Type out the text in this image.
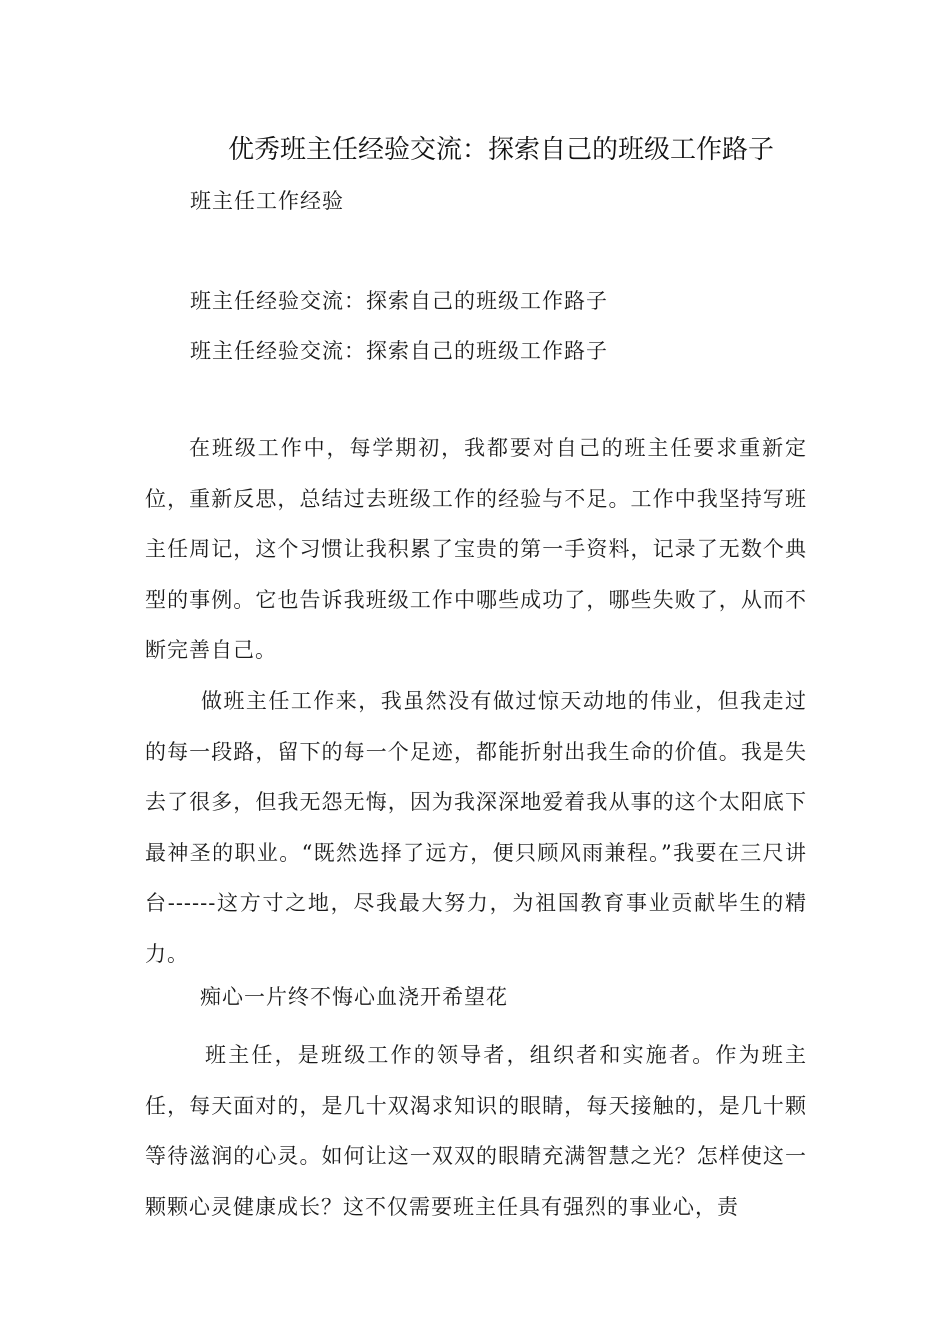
优秀班主任经验交流：探索自己的班级工作路子
班主任工作经验
班主任经验交流：探索自己的班级工作路子
班主任经验交流：探索自己的班级工作路子

在班级工作中，每学期初，我都要对自己的班主任要求重新定位，重新反思，总结过去班级工作的经验与不足。工作中我坚持写班主任周记，这个习惯让我积累了宝贵的第一手资料，记录了无数个典型的事例。它也告诉我班级工作中哪些成功了，哪些失败了，从而不断完善自己。

做班主任工作来，我虽然没有做过惊天动地的伟业，但我走过的每一段路，留下的每一个足迹，都能折射出我生命的价值。我是失去了很多，但我无怨无悔，因为我深深地爱着我从事的这个太阳底下最神圣的职业。“既然选择了远方，便只顾风雨兼程。”我要在三尺讲台------这方寸之地，尽我最大努力，为祖国教育事业贡献毕生的精力。

痴心一片终不悔心血浇开希望花

班主任，是班级工作的领导者，组织者和实施者。作为班主任，每天面对的，是几十双渴求知识的眼睛，每天接触的，是几十颗等待滋润的心灵。如何让这一双双的眼睛充满智慧之光？怎样使这一颗颗心灵健康成长？这不仅需要班主任具有强烈的事业心，责
